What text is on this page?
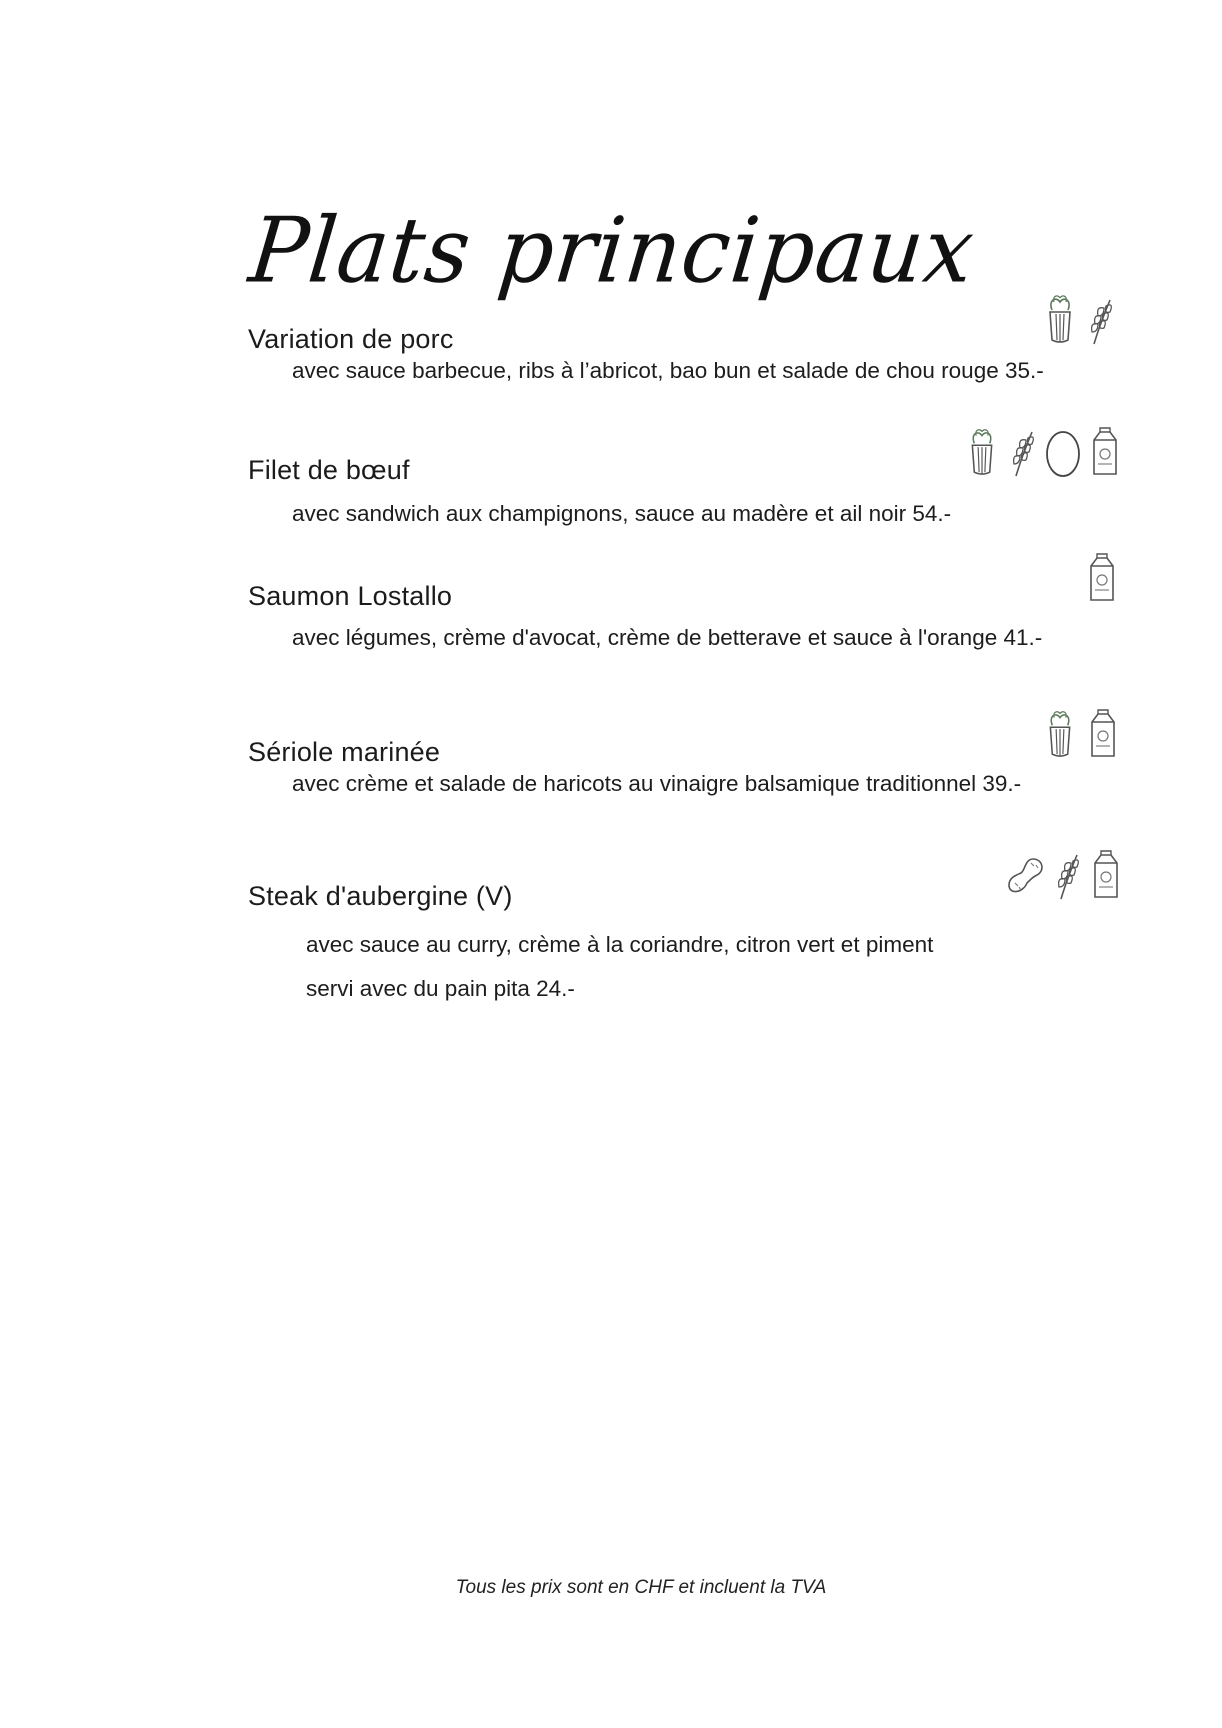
Plats principaux

Variation de porc

avec sauce barbecue, ribs à l’abricot, bao bun et salade de chou rouge 35.-

Filet de bœuf

avec sandwich aux champignons, sauce au madère et ail noir 54.-

Saumon Lostallo

avec légumes, crème d'avocat, crème de betterave et sauce à l'orange 41.-

Sériole marinée

avec crème et salade de haricots au vinaigre balsamique traditionnel 39.-

Steak d'aubergine (V)

avec sauce au curry, crème à la coriandre, citron vert et piment

servi avec du pain pita 24.-

Tous les prix sont en CHF et incluent la TVA
